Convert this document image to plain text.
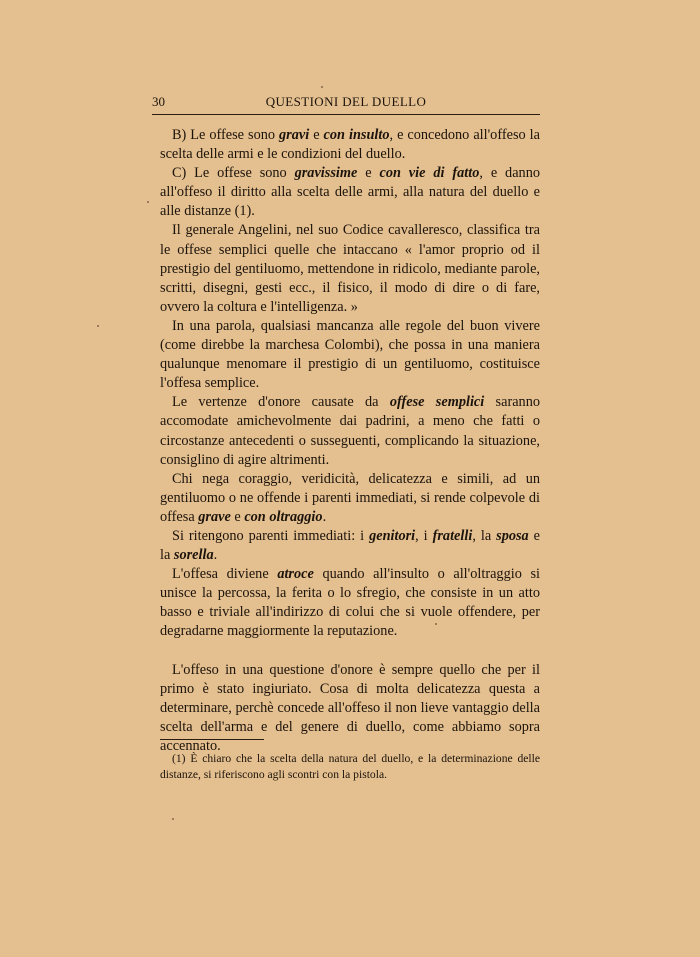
30	QUESTIONI DEL DUELLO

B) Le offese sono gravi e con insulto, e concedono all'offeso la scelta delle armi e le condizioni del duello.

C) Le offese sono gravissime e con vie di fatto, e danno all'offeso il diritto alla scelta delle armi, alla natura del duello e alle distanze (1).

Il generale Angelini, nel suo Codice cavalleresco, classifica tra le offese semplici quelle che intaccano « l'amor proprio od il prestigio del gentiluomo, mettendone in ridicolo, mediante parole, scritti, disegni, gesti ecc., il fisico, il modo di dire o di fare, ovvero la coltura e l'intelligenza. »

In una parola, qualsiasi mancanza alle regole del buon vivere (come direbbe la marchesa Colombi), che possa in una maniera qualunque menomare il prestigio di un gentiluomo, costituisce l'offesa semplice.

Le vertenze d'onore causate da offese semplici saranno accomodate amichevolmente dai padrini, a meno che fatti o circostanze antecedenti o susseguenti, complicando la situazione, consiglino di agire altrimenti.

Chi nega coraggio, veridicità, delicatezza e simili, ad un gentiluomo o ne offende i parenti immediati, si rende colpevole di offesa grave e con oltraggio.

Si ritengono parenti immediati: i genitori, i fratelli, la sposa e la sorella.

L'offesa diviene atroce quando all'insulto o all'oltraggio si unisce la percossa, la ferita o lo sfregio, che consiste in un atto basso e triviale all'indirizzo di colui che si vuole offendere, per degradarne maggiormente la reputazione.

L'offeso in una questione d'onore è sempre quello che per il primo è stato ingiuriato. Cosa di molta delicatezza questa a determinare, perchè concede all'offeso il non lieve vantaggio della scelta dell'arma e del genere di duello, come abbiamo sopra accennato.

(1) È chiaro che la scelta della natura del duello, e la determinazione delle distanze, si riferiscono agli scontri con la pistola.
